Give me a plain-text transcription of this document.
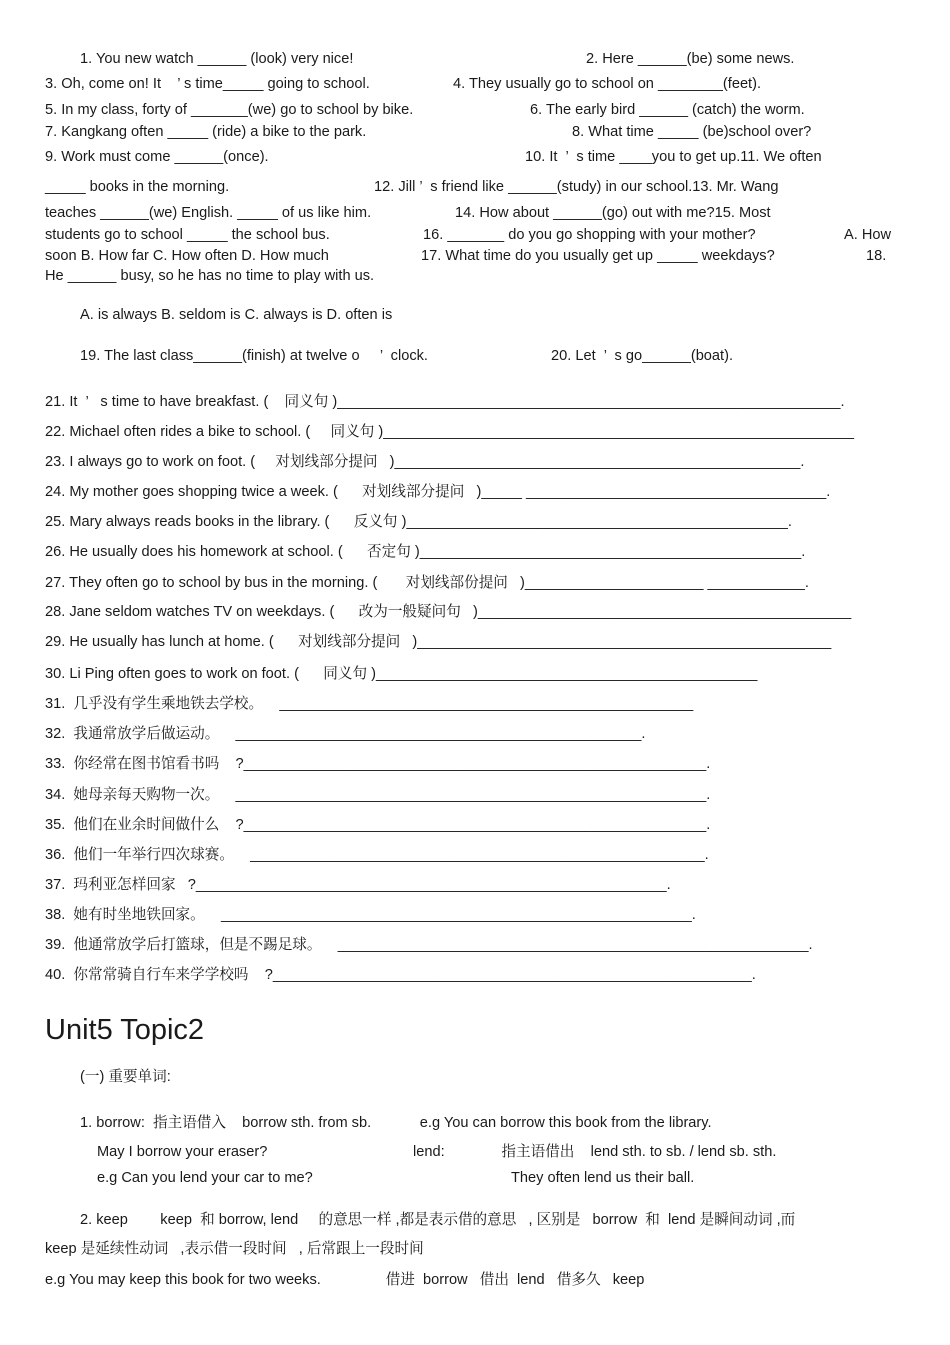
1. You new watch ______ (look) very nice!	2. Here ______(be) some news.
3. Oh, come on! It    ’ s time_____ going to school.	4. They usually go to school on ________(feet).
5. In my class, forty of _______(we) go to school by bike.	6. The early bird ______ (catch) the worm.
7. Kangkang often _____ (ride) a bike to the park.	8. What time _____ (be)school over?
9. Work must come ______(once).	10. It  ’  s time ____you to get up.11. We often
_____ books in the morning.	12. Jill ’  s friend like ______(study) in our school.13. Mr. Wang
teaches ______(we) English. _____ of us like him.	14. How about ______(go) out with me?15. Most
students go to school _____ the school bus.	16. _______ do you go shopping with your mother?	A. How
soon B. How far C. How often D. How much	17. What time do you usually get up _____ weekdays?	18.
He ______ busy, so he has no time to play with us.
A. is always B. seldom is C. always is D. often is
19. The last class______(finish) at twelve o     ’  clock.	20. Let  ’  s go______(boat).
21. It  ’   s time to have breakfast. (    同义句 )______________________________________________________________.
22. Michael often rides a bike to school. (     同义句 )__________________________________________________________
23. I always go to work on foot. (     对划线部分提问   )__________________________________________________.
24. My mother goes shopping twice a week. (      对划线部分提问   )_____ _____________________________________.
25. Mary always reads books in the library. (      反义句 )_______________________________________________.
26. He usually does his homework at school. (      否定句 )_______________________________________________.
27. They often go to school by bus in the morning. (       对划线部份提问   )______________________ ____________.
28. Jane seldom watches TV on weekdays. (      改为一般疑问句   )______________________________________________
29. He usually has lunch at home. (      对划线部分提问   )___________________________________________________
30. Li Ping often goes to work on foot. (      同义句 )_______________________________________________
31.  几乎没有学生乘地铁去学校。    ___________________________________________________
32.  我通常放学后做运动。    __________________________________________________.
33.  你经常在图书馆看书吗    ?_________________________________________________________.
34.  她母亲每天购物一次。    __________________________________________________________.
35.  他们在业余时间做什么    ?_________________________________________________________.
36.  他们一年举行四次球赛。    ________________________________________________________.
37.  玛利亚怎样回家   ?__________________________________________________________.
38.  她有时坐地铁回家。    __________________________________________________________.
39.  他通常放学后打篮球，但是不踢足球。    __________________________________________________________.
40.  你常常骑自行车来学学校吗    ?___________________________________________________________.
(一) 重要单词:
1. borrow:  指主语借入    borrow sth. from sb.            e.g You can borrow this book from the library.
May I borrow your eraser?	lend:              指主语借出    lend sth. to sb. / lend sb. sth.
e.g Can you lend your car to me?	They often lend us their ball.
2. keep        keep  和 borrow, lend     的意思一样 ,都是表示借的意思   , 区别是   borrow  和  lend 是瞬间动词 ,而
keep 是延续性动词   ,表示借一段时间   , 后常跟上一段时间
e.g You may keep this book for two weeks.                借进  borrow   借出  lend   借多久   keep
Unit5 Topic2
